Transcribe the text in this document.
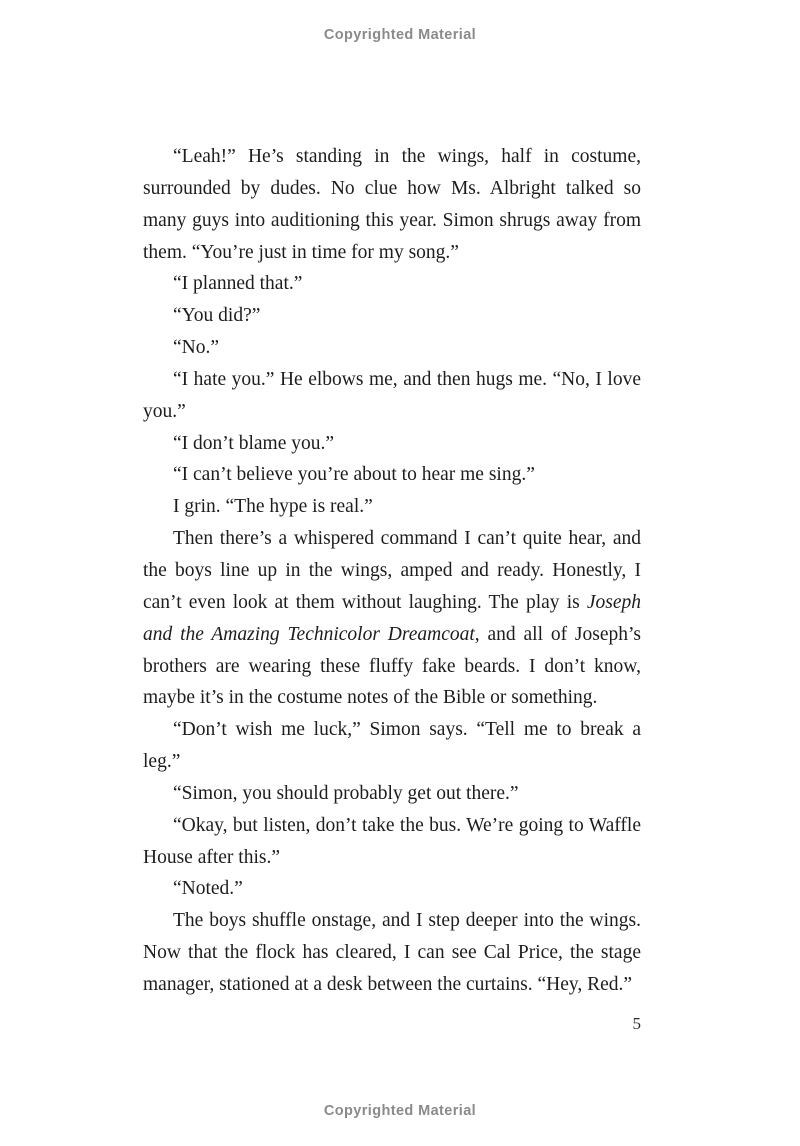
Copyrighted Material

“Leah!” He’s standing in the wings, half in costume, surrounded by dudes. No clue how Ms. Albright talked so many guys into auditioning this year. Simon shrugs away from them. “You’re just in time for my song.”

“I planned that.”

“You did?”

“No.”

“I hate you.” He elbows me, and then hugs me. “No, I love you.”

“I don’t blame you.”

“I can’t believe you’re about to hear me sing.”

I grin. “The hype is real.”

Then there’s a whispered command I can’t quite hear, and the boys line up in the wings, amped and ready. Honestly, I can’t even look at them without laughing. The play is Joseph and the Amazing Technicolor Dreamcoat, and all of Joseph’s brothers are wearing these fluffy fake beards. I don’t know, maybe it’s in the costume notes of the Bible or something.

“Don’t wish me luck,” Simon says. “Tell me to break a leg.”

“Simon, you should probably get out there.”

“Okay, but listen, don’t take the bus. We’re going to Waffle House after this.”

“Noted.”

The boys shuffle onstage, and I step deeper into the wings. Now that the flock has cleared, I can see Cal Price, the stage manager, stationed at a desk between the curtains. “Hey, Red.”

5
Copyrighted Material
